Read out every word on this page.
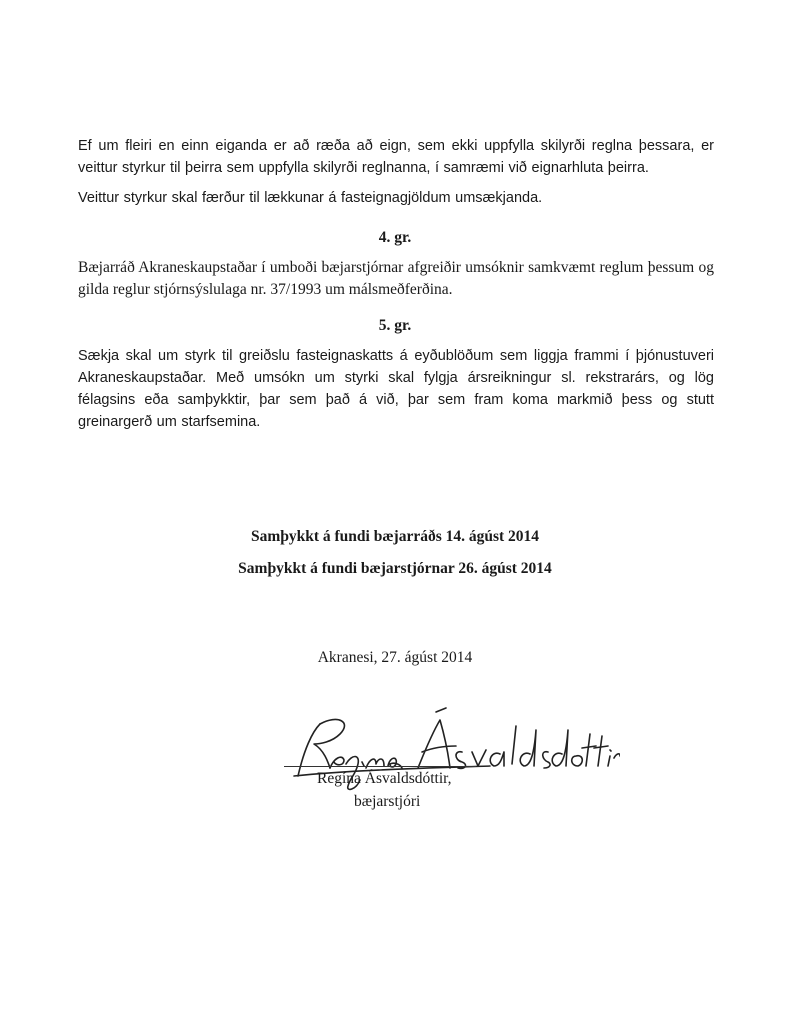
Ef um fleiri en einn eiganda er að ræða að eign, sem ekki uppfylla skilyrði reglna þessara, er veittur styrkur til þeirra sem uppfylla skilyrði reglnanna, í samræmi við eignarhluta þeirra.

Veittur styrkur skal færður til lækkunar á fasteignagjöldum umsækjanda.

4. gr.

Bæjarráð Akraneskaupstaðar í umboði bæjarstjórnar afgreiðir umsóknir samkvæmt reglum þessum og gilda reglur stjórnsýslulaga nr. 37/1993 um málsmeðferðina.

5. gr.

Sækja skal um styrk til greiðslu fasteignaskatts á eyðublöðum sem liggja frammi í þjónustuveri Akraneskaupstaðar. Með umsókn um styrki skal fylgja ársreikningur sl. rekstrarárs, og lög félagsins eða samþykktir, þar sem það á við, þar sem fram koma markmið þess og stutt greinargerð um starfsemina.

Samþykkt á fundi bæjarráðs 14. ágúst 2014

Samþykkt á fundi bæjarstjórnar 26. ágúst 2014

Akranesi, 27. ágúst 2014

Regína Ásvaldsdóttir,

bæjarstjóri
